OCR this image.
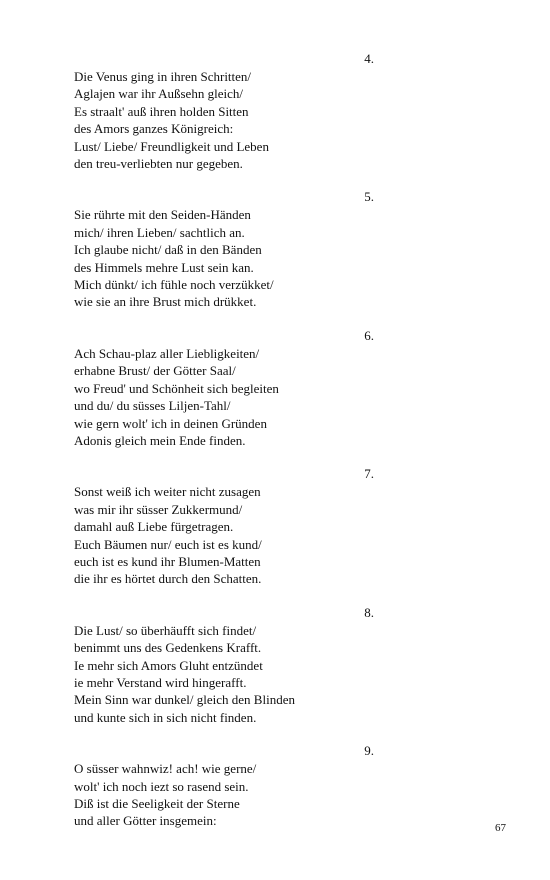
4.
Die Venus ging in ihren Schritten/
Aglajen war ihr Außsehn gleich/
Es straalt' auß ihren holden Sitten
des Amors ganzes Königreich:
Lust/ Liebe/ Freundligkeit und Leben
den treu-verliebten nur gegeben.
5.
Sie rührte mit den Seiden-Händen
mich/ ihren Lieben/ sachtlich an.
Ich glaube nicht/ daß in den Bänden
des Himmels mehre Lust sein kan.
Mich dünkt/ ich fühle noch verzükket/
wie sie an ihre Brust mich drükket.
6.
Ach Schau-plaz aller Liebligkeiten/
erhabne Brust/ der Götter Saal/
wo Freud' und Schönheit sich begleiten
und du/ du süsses Liljen-Tahl/
wie gern wolt' ich in deinen Gründen
Adonis gleich mein Ende finden.
7.
Sonst weiß ich weiter nicht zusagen
was mir ihr süsser Zukkermund/
damahl auß Liebe fürgetragen.
Euch Bäumen nur/ euch ist es kund/
euch ist es kund ihr Blumen-Matten
die ihr es hörtet durch den Schatten.
8.
Die Lust/ so überhäufft sich findet/
benimmt uns des Gedenkens Krafft.
Ie mehr sich Amors Gluht entzündet
ie mehr Verstand wird hingerafft.
Mein Sinn war dunkel/ gleich den Blinden
und kunte sich in sich nicht finden.
9.
O süsser wahnwiz! ach! wie gerne/
wolt' ich noch iezt so rasend sein.
Diß ist die Seeligkeit der Sterne
und aller Götter insgemein:	67
